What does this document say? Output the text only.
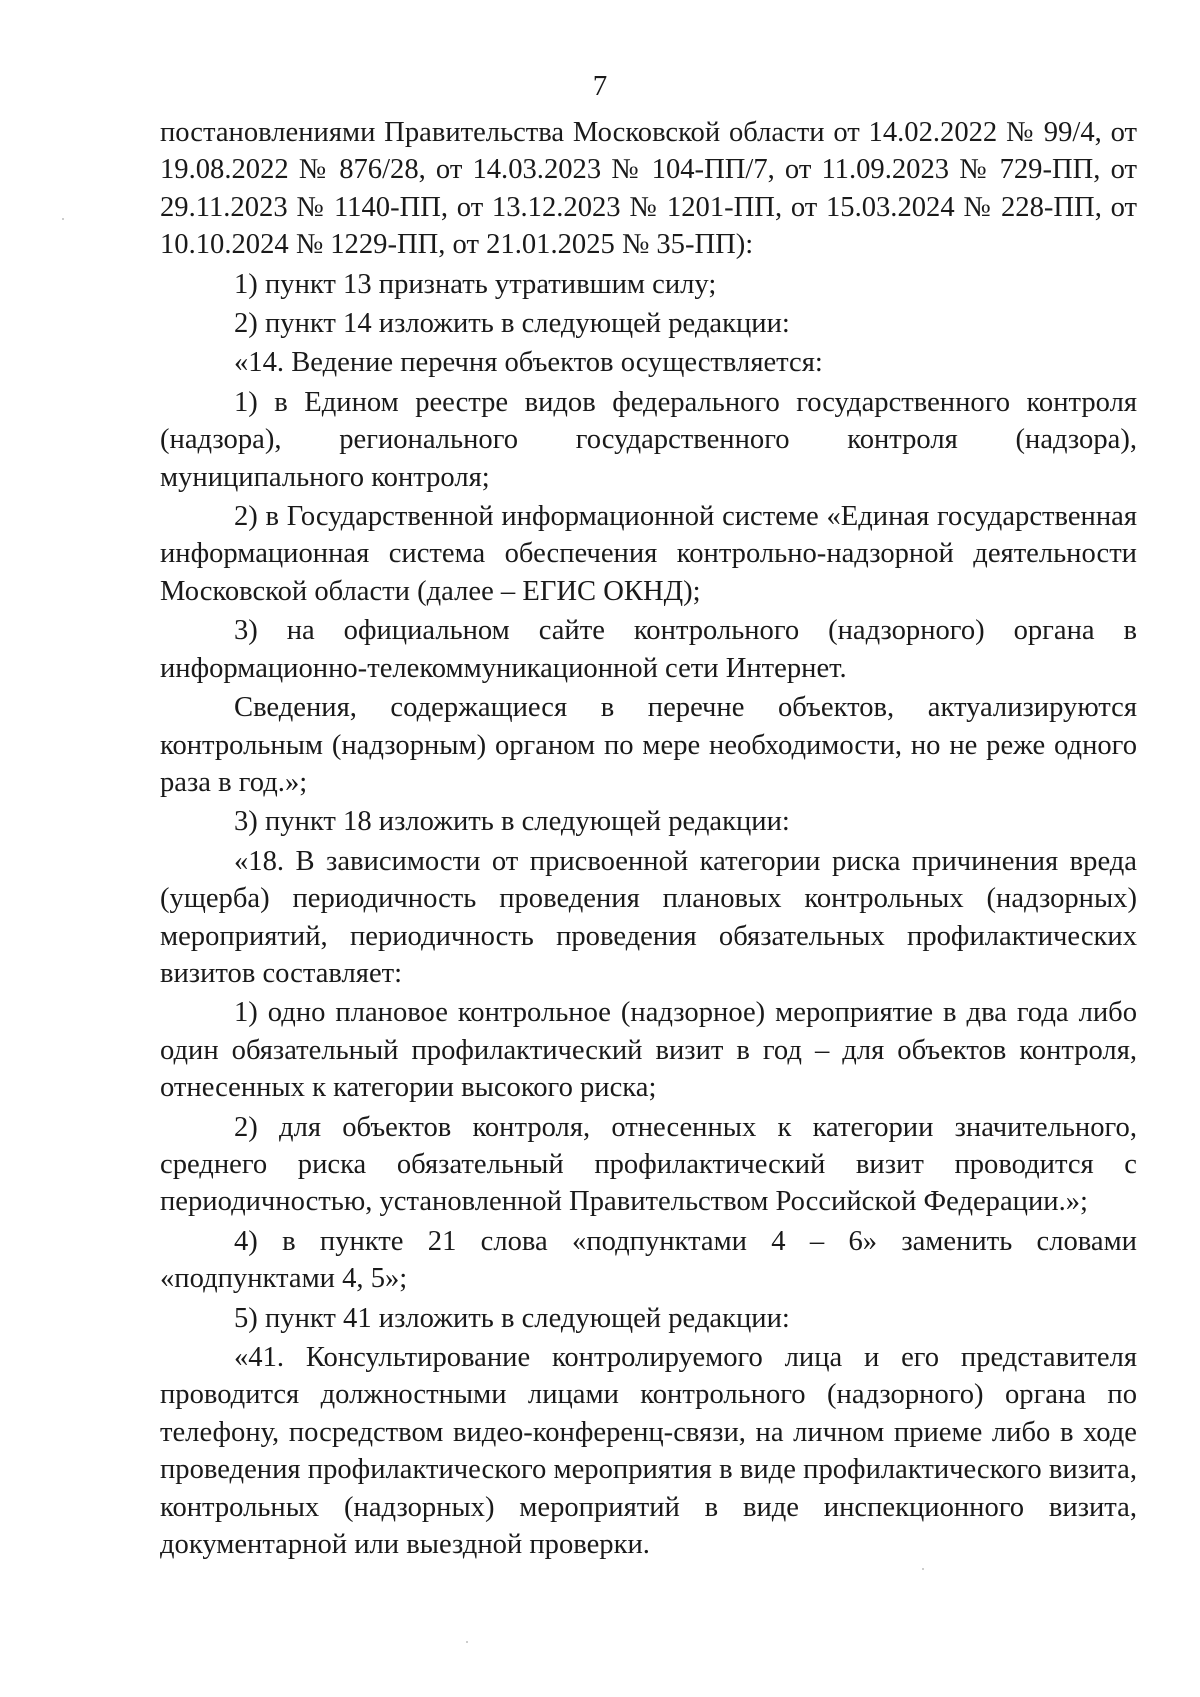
7

постановлениями Правительства Московской области от 14.02.2022 № 99/4, от 19.08.2022 № 876/28, от 14.03.2023 № 104-ПП/7, от 11.09.2023 № 729-ПП, от 29.11.2023 № 1140-ПП, от 13.12.2023 № 1201-ПП, от 15.03.2024 № 228-ПП, от 10.10.2024 № 1229-ПП, от 21.01.2025 № 35-ПП):

1) пункт 13 признать утратившим силу;

2) пункт 14 изложить в следующей редакции:

«14. Ведение перечня объектов осуществляется:

1) в Едином реестре видов федерального государственного контроля (надзора), регионального государственного контроля (надзора), муниципального контроля;

2) в Государственной информационной системе «Единая государственная информационная система обеспечения контрольно-надзорной деятельности Московской области (далее – ЕГИС ОКНД);

3) на официальном сайте контрольного (надзорного) органа в информационно-телекоммуникационной сети Интернет.

Сведения, содержащиеся в перечне объектов, актуализируются контрольным (надзорным) органом по мере необходимости, но не реже одного раза в год.»;

3) пункт 18 изложить в следующей редакции:

«18. В зависимости от присвоенной категории риска причинения вреда (ущерба) периодичность проведения плановых контрольных (надзорных) мероприятий, периодичность проведения обязательных профилактических визитов составляет:

1) одно плановое контрольное (надзорное) мероприятие в два года либо один обязательный профилактический визит в год – для объектов контроля, отнесенных к категории высокого риска;

2) для объектов контроля, отнесенных к категории значительного, среднего риска обязательный профилактический визит проводится с периодичностью, установленной Правительством Российской Федерации.»;

4) в пункте 21 слова «подпунктами 4 – 6» заменить словами «подпунктами 4, 5»;

5) пункт 41 изложить в следующей редакции:

«41. Консультирование контролируемого лица и его представителя проводится должностными лицами контрольного (надзорного) органа по телефону, посредством видео-конференц-связи, на личном приеме либо в ходе проведения профилактического мероприятия в виде профилактического визита, контрольных (надзорных) мероприятий в виде инспекционного визита, документарной или выездной проверки.
